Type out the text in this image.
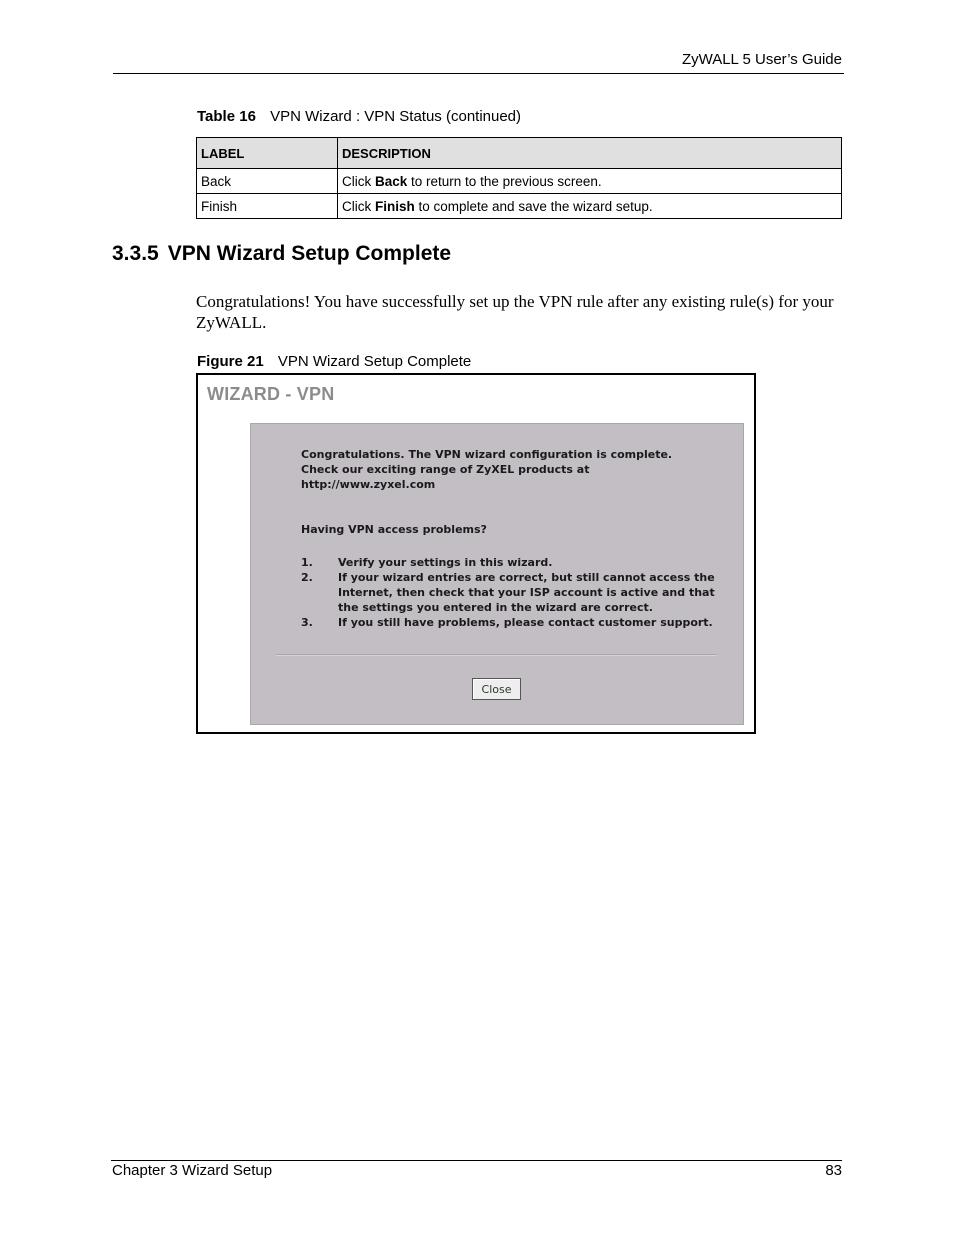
ZyWALL 5 User’s Guide
Table 16 VPN Wizard : VPN Status (continued)
LABEL	DESCRIPTION
Back	Click Back to return to the previous screen.
Finish	Click Finish to complete and save the wizard setup.
3.3.5 VPN Wizard Setup Complete
Congratulations! You have successfully set up the VPN rule after any existing rule(s) for your ZyWALL.
Figure 21 VPN Wizard Setup Complete
WIZARD - VPN
Congratulations. The VPN wizard configuration is complete.
Check our exciting range of ZyXEL products at
http://www.zyxel.com
Having VPN access problems?
1.	Verify your settings in this wizard.
2.	If your wizard entries are correct, but still cannot access the
Internet, then check that your ISP account is active and that
the settings you entered in the wizard are correct.
3.	If you still have problems, please contact customer support.
Close
Chapter 3 Wizard Setup	83
